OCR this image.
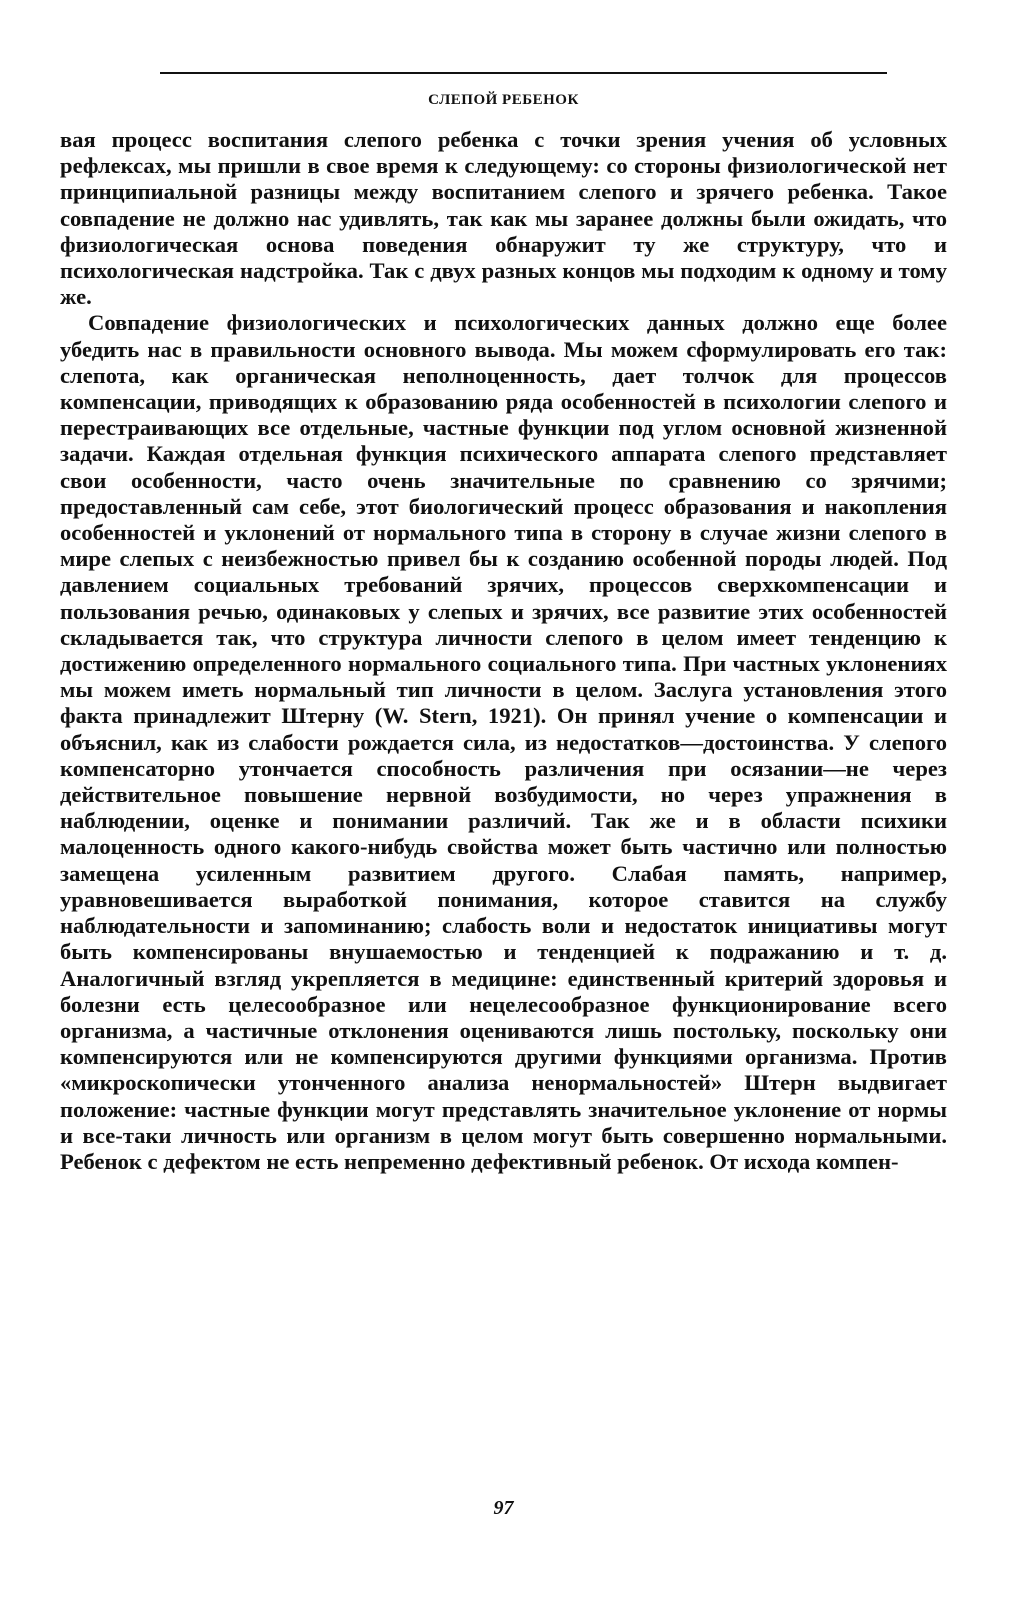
СЛЕПОЙ РЕБЕНОК

вая процесс воспитания слепого ребенка с точки зрения учения об условных рефлексах, мы пришли в свое время к следующему: со стороны физиологической нет принципиальной разницы между воспитанием слепого и зрячего ребенка. Такое совпадение не должно нас удивлять, так как мы заранее должны были ожидать, что физиологическая основа поведения обнаружит ту же структуру, что и психологическая надстройка. Так с двух разных концов мы подходим к одному и тому же.

Совпадение физиологических и психологических данных должно еще более убедить нас в правильности основного вывода. Мы можем сформулировать его так: слепота, как органическая неполноценность, дает толчок для процессов компенсации, приводящих к образованию ряда особенностей в психологии слепого и перестраивающих все отдельные, частные функции под углом основной жизненной задачи. Каждая отдельная функция психического аппарата слепого представляет свои особенности, часто очень значительные по сравнению со зрячими; предоставленный сам себе, этот биологический процесс образования и накопления особенностей и уклонений от нормального типа в сторону в случае жизни слепого в мире слепых с неизбежностью привел бы к созданию особенной породы людей. Под давлением социальных требований зрячих, процессов сверхкомпенсации и пользования речью, одинаковых у слепых и зрячих, все развитие этих особенностей складывается так, что структура личности слепого в целом имеет тенденцию к достижению определенного нормального социального типа. При частных уклонениях мы можем иметь нормальный тип личности в целом. Заслуга установления этого факта принадлежит Штерну (W. Stern, 1921). Он принял учение о компенсации и объяснил, как из слабости рождается сила, из недостатков—достоинства. У слепого компенсаторно утончается способность различения при осязании—не через действительное повышение нервной возбудимости, но через упражнения в наблюдении, оценке и понимании различий. Так же и в области психики малоценность одного какого-нибудь свойства может быть частично или полностью замещена усиленным развитием другого. Слабая память, например, уравновешивается выработкой понимания, которое ставится на службу наблюдательности и запоминанию; слабость воли и недостаток инициативы могут быть компенсированы внушаемостью и тенденцией к подражанию и т. д. Аналогичный взгляд укрепляется в медицине: единственный критерий здоровья и болезни есть целесообразное или нецелесообразное функционирование всего организма, а частичные отклонения оцениваются лишь постольку, поскольку они компенсируются или не компенсируются другими функциями организма. Против «микроскопически утонченного анализа ненормальностей» Штерн выдвигает положение: частные функции могут представлять значительное уклонение от нормы и все-таки личность или организм в целом могут быть совершенно нормальными. Ребенок с дефектом не есть непременно дефективный ребенок. От исхода компен-

97
